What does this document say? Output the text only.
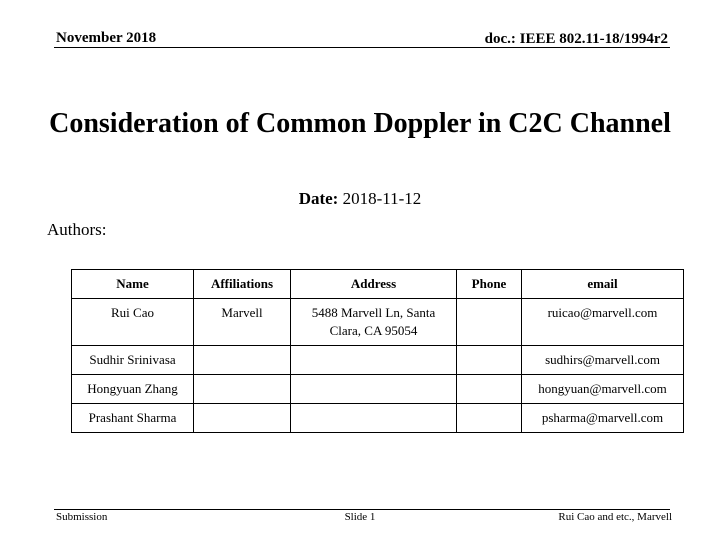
November 2018	doc.: IEEE 802.11-18/1994r2
Consideration of Common Doppler in C2C Channel
Date: 2018-11-12
Authors:
Name	Affiliations	Address	Phone	email
Rui Cao	Marvell	5488 Marvell Ln, Santa Clara, CA 95054		ruicao@marvell.com
Sudhir Srinivasa				sudhirs@marvell.com
Hongyuan Zhang				hongyuan@marvell.com
Prashant Sharma				psharma@marvell.com
Submission	Slide 1	Rui Cao and etc., Marvell
